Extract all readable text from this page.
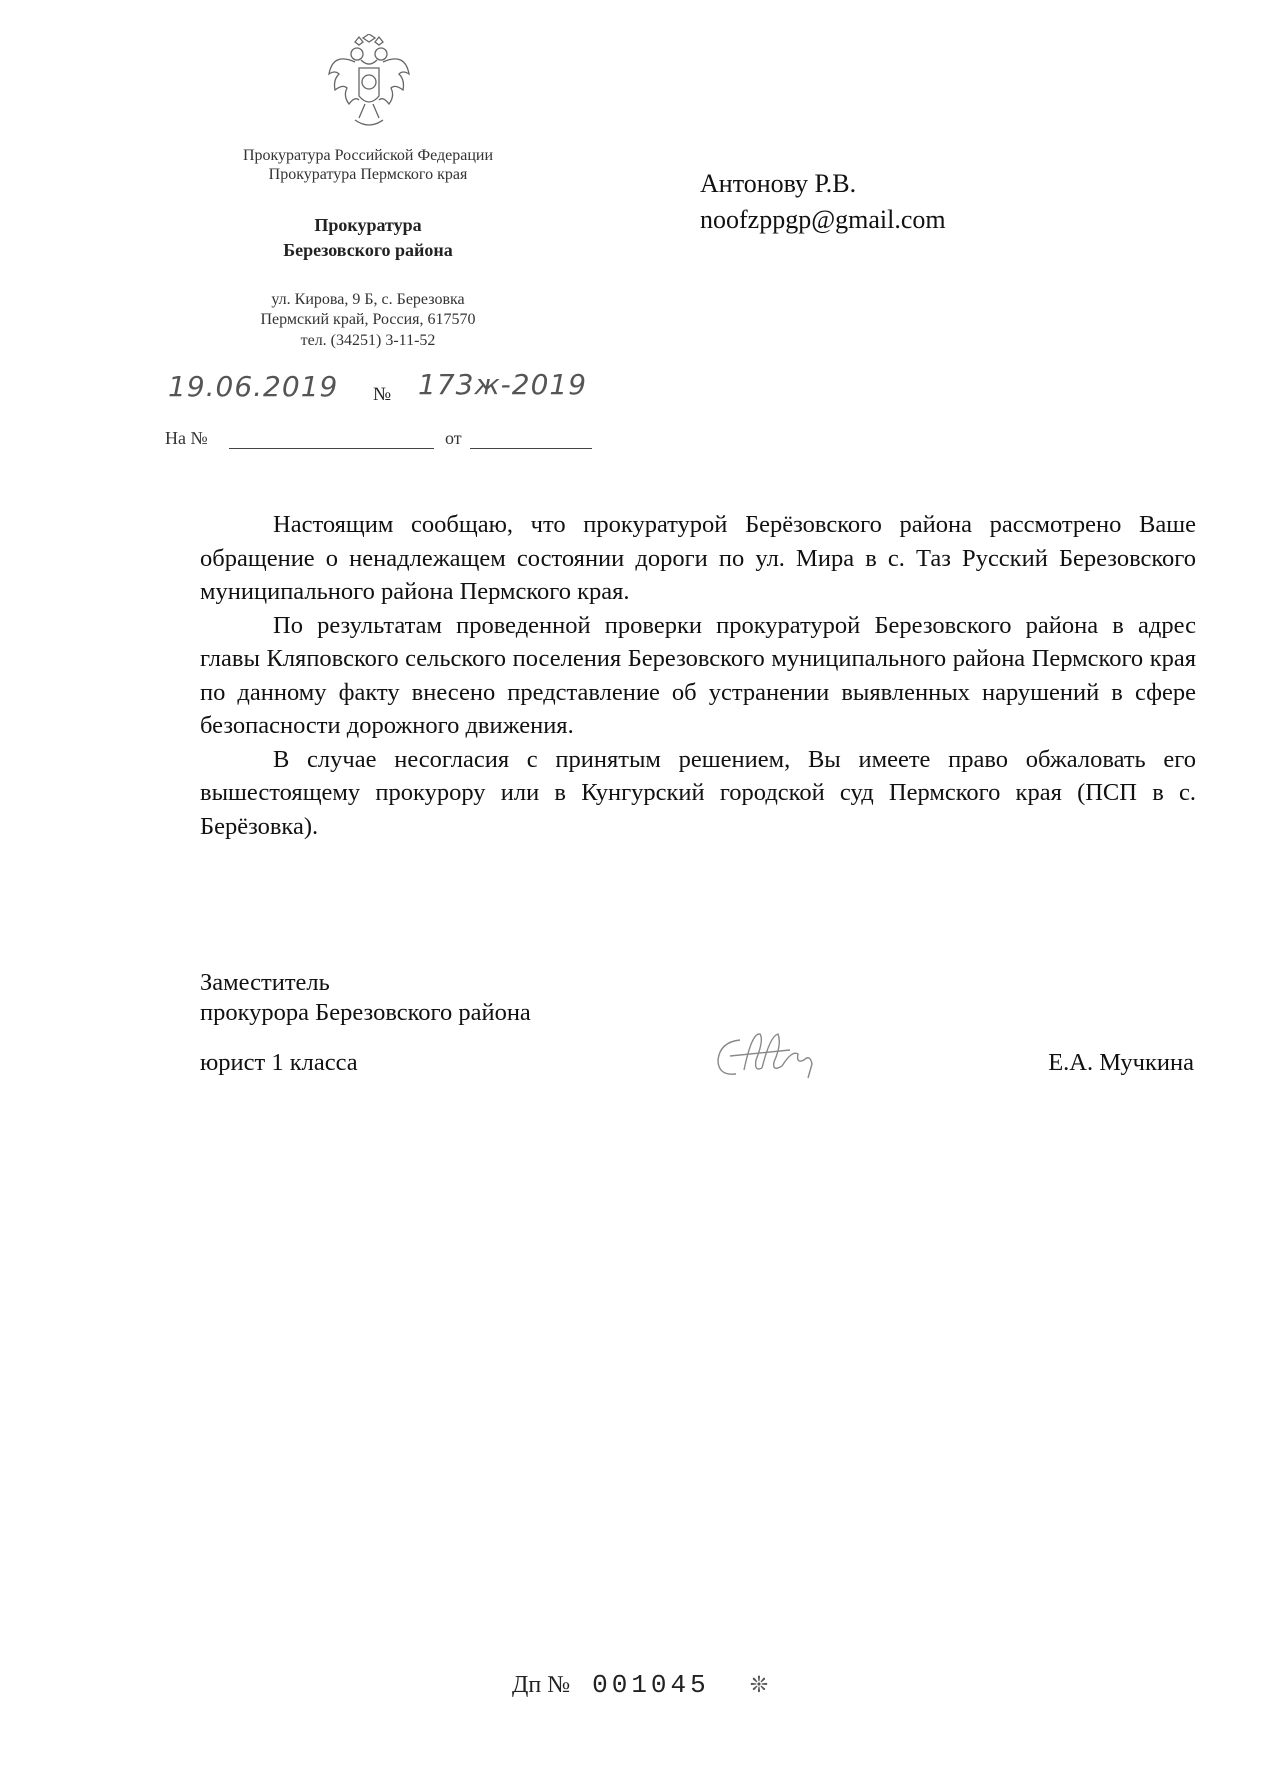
Прокуратура Российской Федерации
Прокуратура Пермского края
Прокуратура
Березовского района
ул. Кирова, 9 Б, с. Березовка
Пермский край, Россия, 617570
тел. (34251) 3-11-52
19.06.2019 № 173ж-2019
На №	от
Антонову Р.В.
noofzppgp@gmail.com

Настоящим сообщаю, что прокуратурой Берёзовского района рассмотрено Ваше обращение о ненадлежащем состоянии дороги по ул. Мира в с. Таз Русский Березовского муниципального района Пермского края.

По результатам проведенной проверки прокуратурой Березовского района в адрес главы Кляповского сельского поселения Березовского муниципального района Пермского края по данному факту внесено представление об устранении выявленных нарушений в сфере безопасности дорожного движения.

В случае несогласия с принятым решением, Вы имеете право обжаловать его вышестоящему прокурору или в Кунгурский городской суд Пермского края (ПСП в с. Берёзовка).

Заместитель
прокурора Березовского района
юрист 1 класса	Е.А. Мучкина
Дп № 001045 ❊
